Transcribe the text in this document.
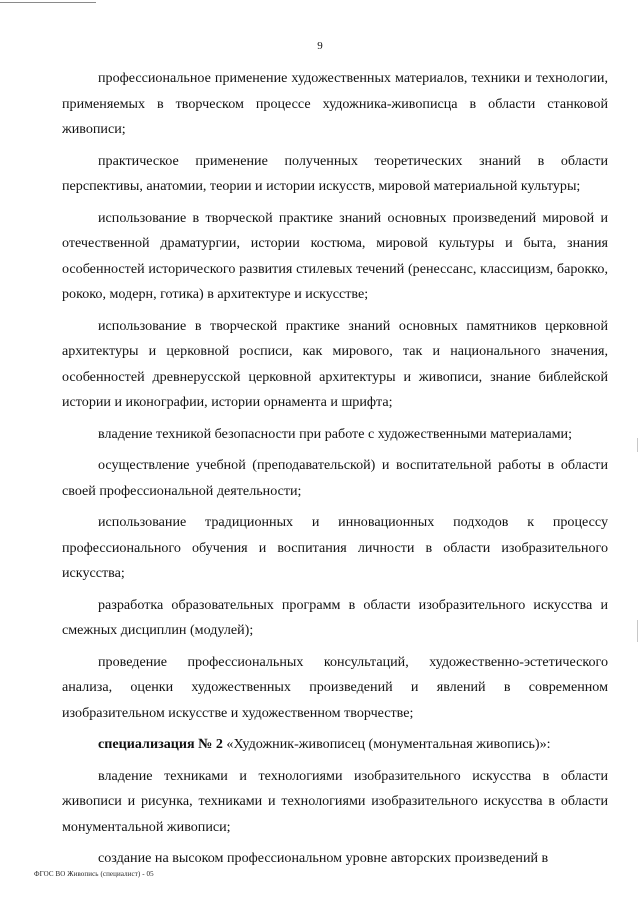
9

профессиональное применение художественных материалов, техники и технологии, применяемых в творческом процессе художника-живописца в области станковой живописи;

практическое применение полученных теоретических знаний в области перспективы, анатомии, теории и истории искусств, мировой материальной культуры;

использование в творческой практике знаний основных произведений мировой и отечественной драматургии, истории костюма, мировой культуры и быта, знания особенностей исторического развития стилевых течений (ренессанс, классицизм, барокко, рококо, модерн, готика) в архитектуре и искусстве;

использование в творческой практике знаний основных памятников церковной архитектуры и церковной росписи, как мирового, так и национального значения, особенностей древнерусской церковной архитектуры и живописи, знание библейской истории и иконографии, истории орнамента и шрифта;

владение техникой безопасности при работе с художественными материалами;

осуществление учебной (преподавательской) и воспитательной работы в области своей профессиональной деятельности;

использование традиционных и инновационных подходов к процессу профессионального обучения и воспитания личности в области изобразительного искусства;

разработка образовательных программ в области изобразительного искусства и смежных дисциплин (модулей);

проведение профессиональных консультаций, художественно-эстетического анализа, оценки художественных произведений и явлений в современном изобразительном искусстве и художественном творчестве;

специализация № 2 «Художник-живописец (монументальная живопись)»:

владение техниками и технологиями изобразительного искусства в области живописи и рисунка, техниками и технологиями изобразительного искусства в области монументальной живописи;

создание на высоком профессиональном уровне авторских произведений в

ФГОС ВО Живопись (специалист) - 05
